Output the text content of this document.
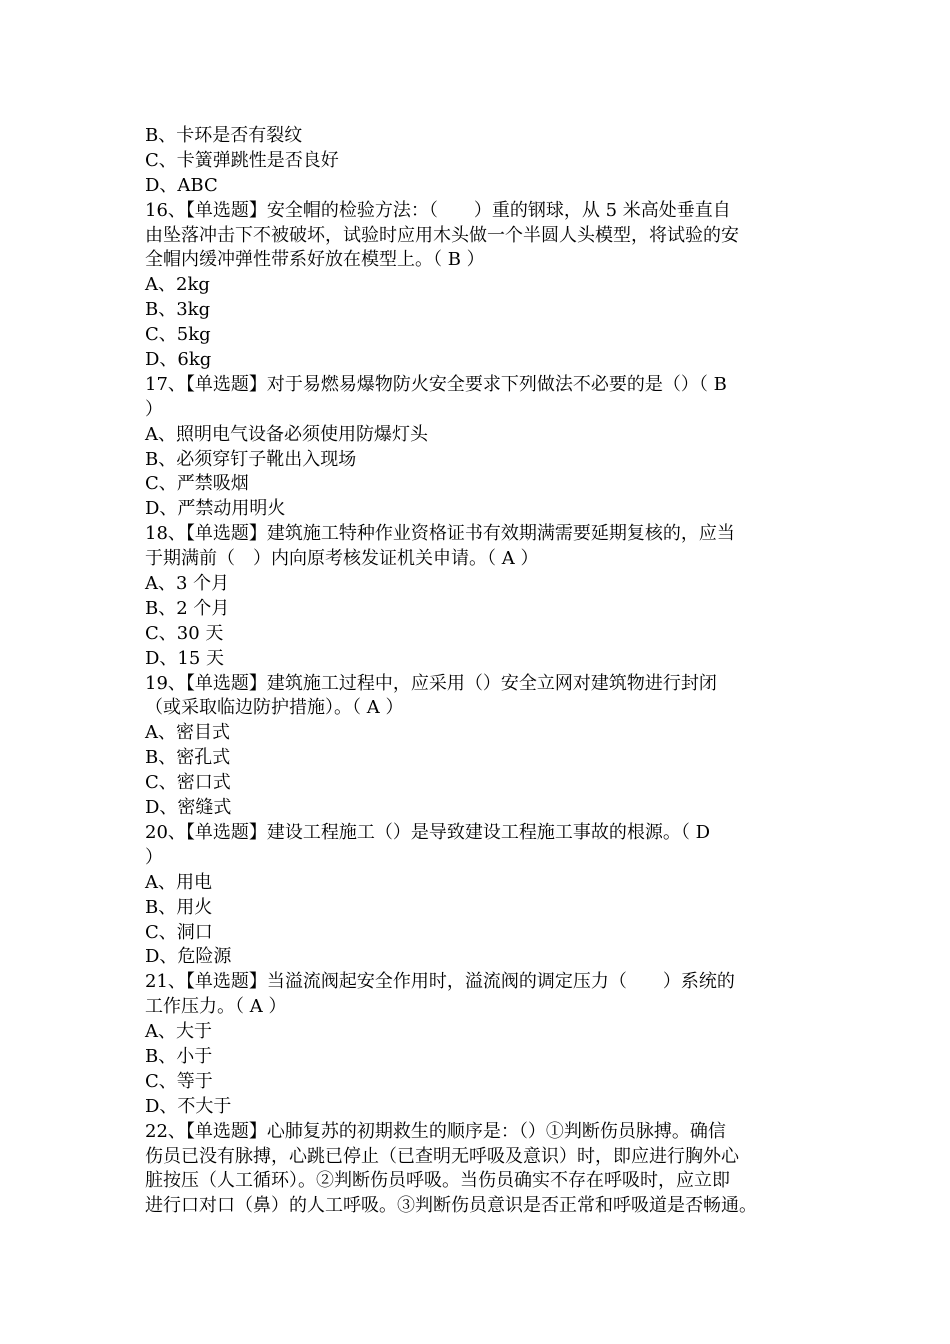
B、卡环是否有裂纹
C、卡簧弹跳性是否良好
D、ABC
16、【单选题】安全帽的检验方法：（　　）重的钢球，从 5 米高处垂直自
由坠落冲击下不被破坏，试验时应用木头做一个半圆人头模型，将试验的安
全帽内缓冲弹性带系好放在模型上。（ B ）
A、2kg
B、3kg
C、5kg
D、6kg
17、【单选题】对于易燃易爆物防火安全要求下列做法不必要的是（）（ B
）
A、照明电气设备必须使用防爆灯头
B、必须穿钉子靴出入现场
C、严禁吸烟
D、严禁动用明火
18、【单选题】建筑施工特种作业资格证书有效期满需要延期复核的，应当
于期满前（　）内向原考核发证机关申请。（ A ）
A、3 个月
B、2 个月
C、30 天
D、15 天
19、【单选题】建筑施工过程中，应采用（）安全立网对建筑物进行封闭
（或采取临边防护措施）。（ A ）
A、密目式
B、密孔式
C、密口式
D、密缝式
20、【单选题】建设工程施工（）是导致建设工程施工事故的根源。（ D
）
A、用电
B、用火
C、洞口
D、危险源
21、【单选题】当溢流阀起安全作用时，溢流阀的调定压力（　　）系统的
工作压力。（ A ）
A、大于
B、小于
C、等于
D、不大于
22、【单选题】心肺复苏的初期救生的顺序是：（）①判断伤员脉搏。确信
伤员已没有脉搏，心跳已停止（已查明无呼吸及意识）时，即应进行胸外心
脏按压（人工循环）。②判断伤员呼吸。当伤员确实不存在呼吸时，应立即
进行口对口（鼻）的人工呼吸。③判断伤员意识是否正常和呼吸道是否畅通。
